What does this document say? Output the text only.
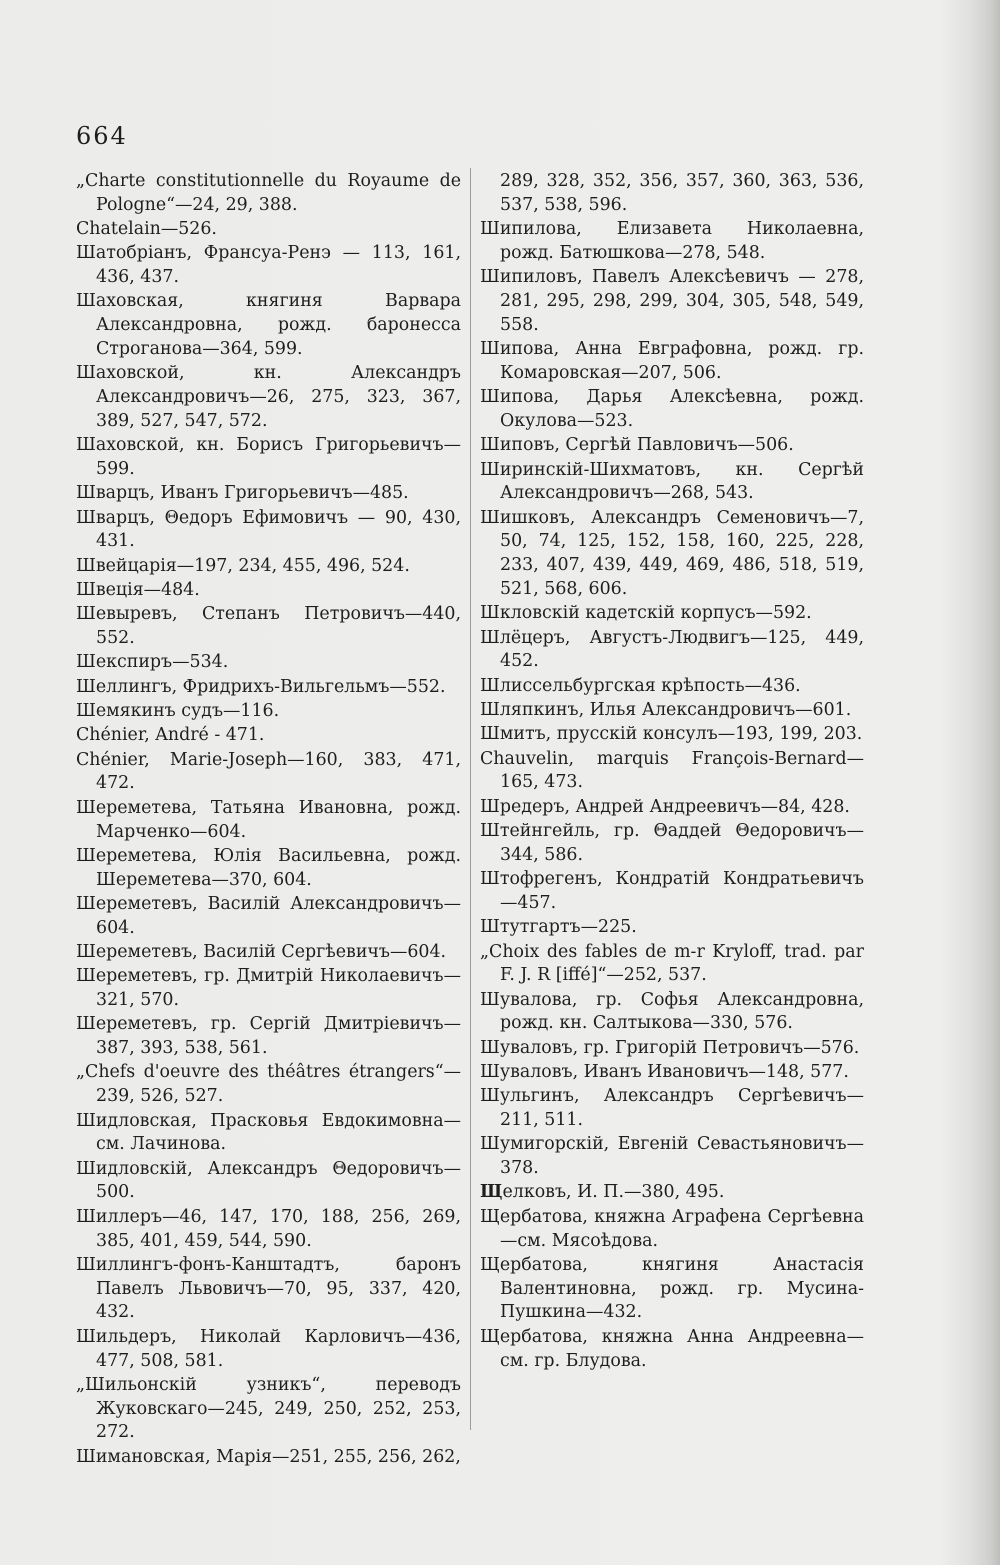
664
„Charte constitutionnelle du Royaume de Pologne“—24, 29, 388.
Chatelain—526.
Шатобріанъ, Франсуа-Ренэ — 113, 161, 436, 437.
Шаховская, княгиня Варвара Александровна, рожд. баронесса Строганова—364, 599.
Шаховской, кн. Александръ Александровичъ—26, 275, 323, 367, 389, 527, 547, 572.
Шаховской, кн. Борисъ Григорьевичъ—599.
Шварцъ, Иванъ Григорьевичъ—485.
Шварцъ, Θедоръ Ефимовичъ — 90, 430, 431.
Швейцарія—197, 234, 455, 496, 524.
Швеція—484.
Шевыревъ, Степанъ Петровичъ—440, 552.
Шекспиръ—534.
Шеллингъ, Фридрихъ-Вильгельмъ—552.
Шемякинъ судъ—116.
Chénier, André - 471.
Chénier, Marie-Joseph—160, 383, 471, 472.
Шереметева, Татьяна Ивановна, рожд. Марченко—604.
Шереметева, Юлія Васильевна, рожд. Шереметева—370, 604.
Шереметевъ, Василій Александровичъ—604.
Шереметевъ, Василій Сергѣевичъ—604.
Шереметевъ, гр. Дмитрій Николаевичъ—321, 570.
Шереметевъ, гр. Сергій Дмитріевичъ—387, 393, 538, 561.
„Chefs d'oeuvre des théâtres étrangers“—239, 526, 527.
Шидловская, Прасковья Евдокимовна—см. Лачинова.
Шидловскій, Александръ Θедоровичъ—500.
Шиллеръ—46, 147, 170, 188, 256, 269, 385, 401, 459, 544, 590.
Шиллингъ-фонъ-Канштадтъ, баронъ Павелъ Львовичъ—70, 95, 337, 420, 432.
Шильдеръ, Николай Карловичъ—436, 477, 508, 581.
„Шильонскій узникъ“, переводъ Жуковскаго—245, 249, 250, 252, 253, 272.
Шимановская, Марія—251, 255, 256, 262,
289, 328, 352, 356, 357, 360, 363, 536, 537, 538, 596.
Шипилова, Елизавета Николаевна, рожд. Батюшкова—278, 548.
Шипиловъ, Павелъ Алексѣевичъ — 278, 281, 295, 298, 299, 304, 305, 548, 549, 558.
Шипова, Анна Евграфовна, рожд. гр. Комаровская—207, 506.
Шипова, Дарья Алексѣевна, рожд. Окулова—523.
Шиповъ, Сергѣй Павловичъ—506.
Ширинскій-Шихматовъ, кн. Сергѣй Александровичъ—268, 543.
Шишковъ, Александръ Семеновичъ—7, 50, 74, 125, 152, 158, 160, 225, 228, 233, 407, 439, 449, 469, 486, 518, 519, 521, 568, 606.
Шкловскій кадетскій корпусъ—592.
Шлёцеръ, Августъ-Людвигъ—125, 449, 452.
Шлиссельбургская крѣпость—436.
Шляпкинъ, Илья Александровичъ—601.
Шмитъ, прусскій консулъ—193, 199, 203.
Chauvelin, marquis François-Bernard—165, 473.
Шредеръ, Андрей Андреевичъ—84, 428.
Штейнгейль, гр. Θаддей Θедоровичъ—344, 586.
Штофрегенъ, Кондратій Кондратьевичъ—457.
Штутгартъ—225.
„Choix des fables de m-r Kryloff, trad. par F. J. R [iffé]“—252, 537.
Шувалова, гр. Софья Александровна, рожд. кн. Салтыкова—330, 576.
Шуваловъ, гр. Григорій Петровичъ—576.
Шуваловъ, Иванъ Ивановичъ—148, 577.
Шульгинъ, Александръ Сергѣевичъ—211, 511.
Шумигорскій, Евгеній Севастьяновичъ—378.
Щелковъ, И. П.—380, 495.
Щербатова, княжна Аграфена Сергѣевна—см. Мясоѣдова.
Щербатова, княгиня Анастасія Валентиновна, рожд. гр. Мусина-Пушкина—432.
Щербатова, княжна Анна Андреевна—см. гр. Блудова.
